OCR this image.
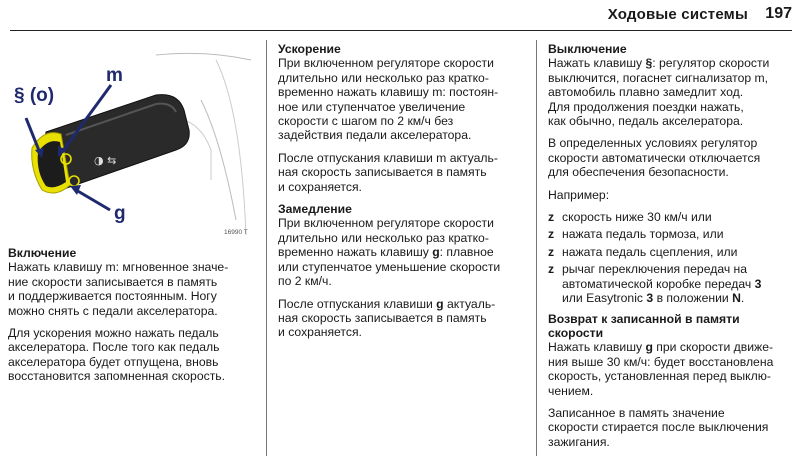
Ходовые системы 197
◑ ⇆
m
§ (o)
g
16990 T
Включение

Нажать клавишу m: мгновенное значе-
ние скорости записывается в память
и поддерживается постоянным. Ногу
можно снять с педали акселератора.

Для ускорения можно нажать педаль
акселератора. После того как педаль
акселератора будет отпущена, вновь
восстановится запомненная скорость.

Ускорение

При включенном регуляторе скорости
длительно или несколько раз кратко-
временно нажать клавишу m: постоян-
ное или ступенчатое увеличение
скорости с шагом по 2 км/ч без
задействия педали акселератора.

После отпускания клавиши m актуаль-
ная скорость записывается в память
и сохраняется.

Замедление

При включенном регуляторе скорости
длительно или несколько раз кратко-
временно нажать клавишу g: плавное
или ступенчатое уменьшение скорости
по 2 км/ч.

После отпускания клавиши g актуаль-
ная скорость записывается в память
и сохраняется.

Выключение

Нажать клавишу §: регулятор скорости
выключится, погаснет сигнализатор m,
автомобиль плавно замедлит ход.
Для продолжения поездки нажать,
как обычно, педаль акселератора.

В определенных условиях регулятор
скорости автоматически отключается
для обеспечения безопасности.

Например:

z скорость ниже 30 км/ч или
z нажата педаль тормоза, или
z нажата педаль сцепления, или
z рычаг переключения передач на
автоматической коробке передач 3
или Easytronic 3 в положении N.
Возврат к записанной в памяти
скорости

Нажать клавишу g при скорости движе-
ния выше 30 км/ч: будет восстановлена
скорость, установленная перед выклю-
чением.

Записанное в память значение
скорости стирается после выключения
зажигания.
